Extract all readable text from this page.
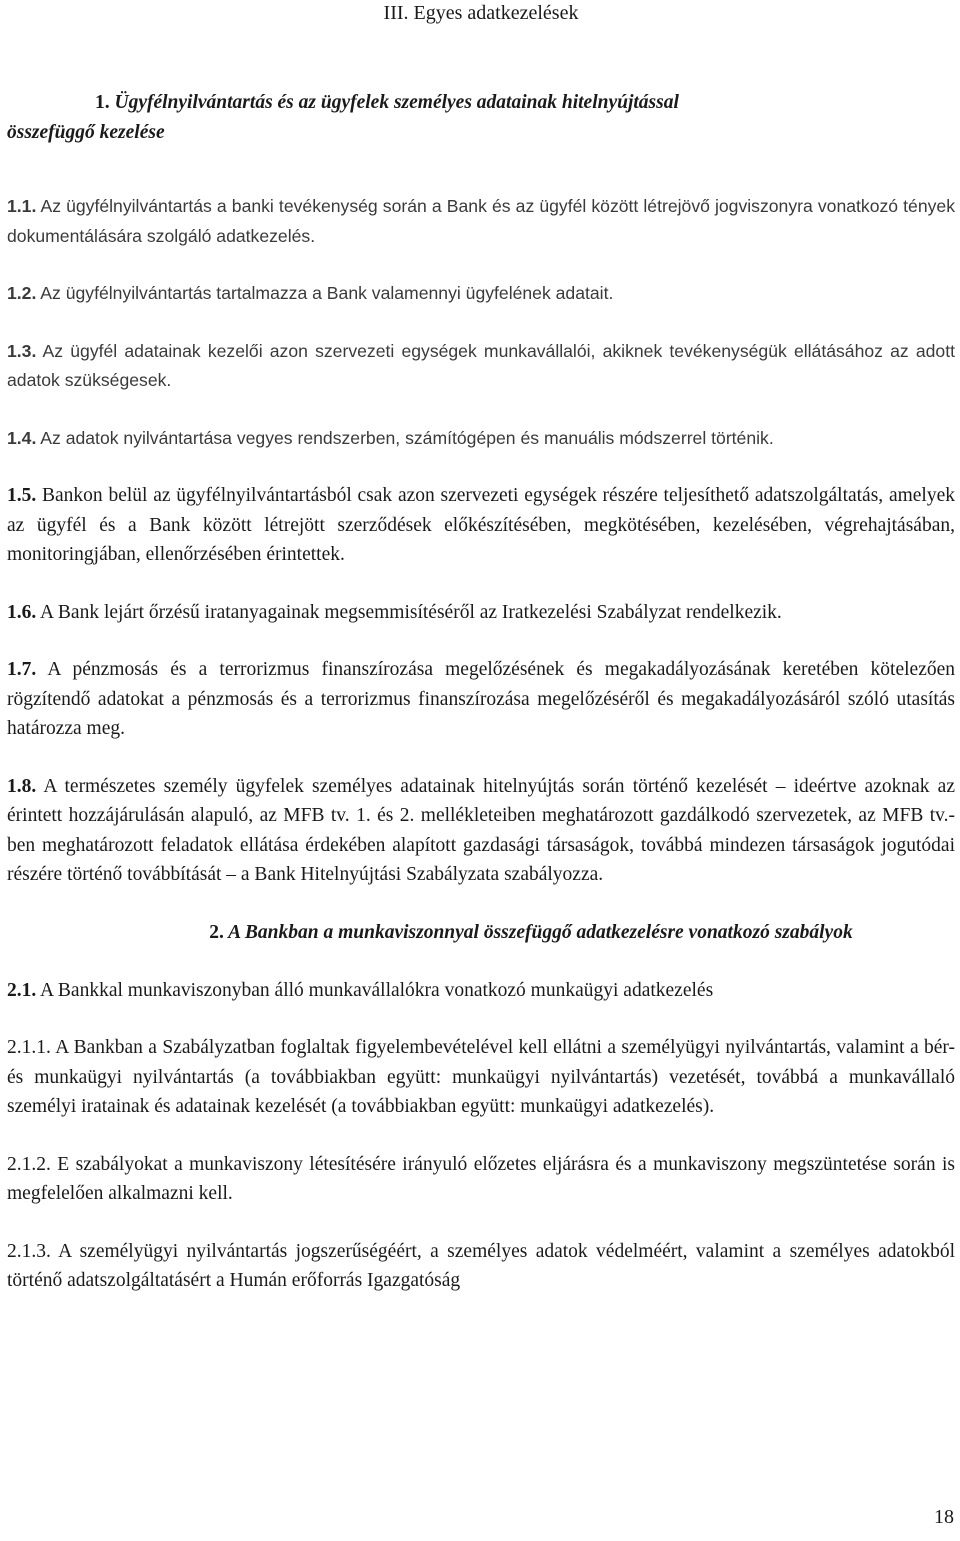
III. Egyes adatkezelések
1. Ügyfélnyilvántartás és az ügyfelek személyes adatainak hitelnyújtással
összefüggő kezelése

1.1. Az ügyfélnyilvántartás a banki tevékenység során a Bank és az ügyfél között létrejövő jogviszonyra vonatkozó tények dokumentálására szolgáló adatkezelés.

1.2. Az ügyfélnyilvántartás tartalmazza a Bank valamennyi ügyfelének adatait.

1.3. Az ügyfél adatainak kezelői azon szervezeti egységek munkavállalói, akiknek tevékenységük ellátásához az adott adatok szükségesek.

1.4. Az adatok nyilvántartása vegyes rendszerben, számítógépen és manuális módszerrel történik.

1.5. Bankon belül az ügyfélnyilvántartásból csak azon szervezeti egységek részére teljesíthető adatszolgáltatás, amelyek az ügyfél és a Bank között létrejött szerződések előkészítésében, megkötésében, kezelésében, végrehajtásában, monitoringjában, ellenőrzésében érintettek.

1.6. A Bank lejárt őrzésű iratanyagainak megsemmisítéséről az Iratkezelési Szabályzat rendelkezik.

1.7. A pénzmosás és a terrorizmus finanszírozása megelőzésének és megakadályozásának keretében kötelezően rögzítendő adatokat a pénzmosás és a terrorizmus finanszírozása megelőzéséről és megakadályozásáról szóló utasítás határozza meg.

1.8. A természetes személy ügyfelek személyes adatainak hitelnyújtás során történő kezelését – ideértve azoknak az érintett hozzájárulásán alapuló, az MFB tv. 1. és 2. mellékleteiben meghatározott gazdálkodó szervezetek, az MFB tv.-ben meghatározott feladatok ellátása érdekében alapított gazdasági társaságok, továbbá mindezen társaságok jogutódai részére történő továbbítását – a Bank Hitelnyújtási Szabályzata szabályozza.

2. A Bankban a munkaviszonnyal összefüggő adatkezelésre vonatkozó szabályok

2.1. A Bankkal munkaviszonyban álló munkavállalókra vonatkozó munkaügyi adatkezelés

2.1.1. A Bankban a Szabályzatban foglaltak figyelembevételével kell ellátni a személyügyi nyilvántartás, valamint a bér- és munkaügyi nyilvántartás (a továbbiakban együtt: munkaügyi nyilvántartás) vezetését, továbbá a munkavállaló személyi iratainak és adatainak kezelését (a továbbiakban együtt: munkaügyi adatkezelés).

2.1.2. E szabályokat a munkaviszony létesítésére irányuló előzetes eljárásra és a munkaviszony megszüntetése során is megfelelően alkalmazni kell.

2.1.3. A személyügyi nyilvántartás jogszerűségéért, a személyes adatok védelméért, valamint a személyes adatokból történő adatszolgáltatásért a Humán erőforrás Igazgatóság

18
